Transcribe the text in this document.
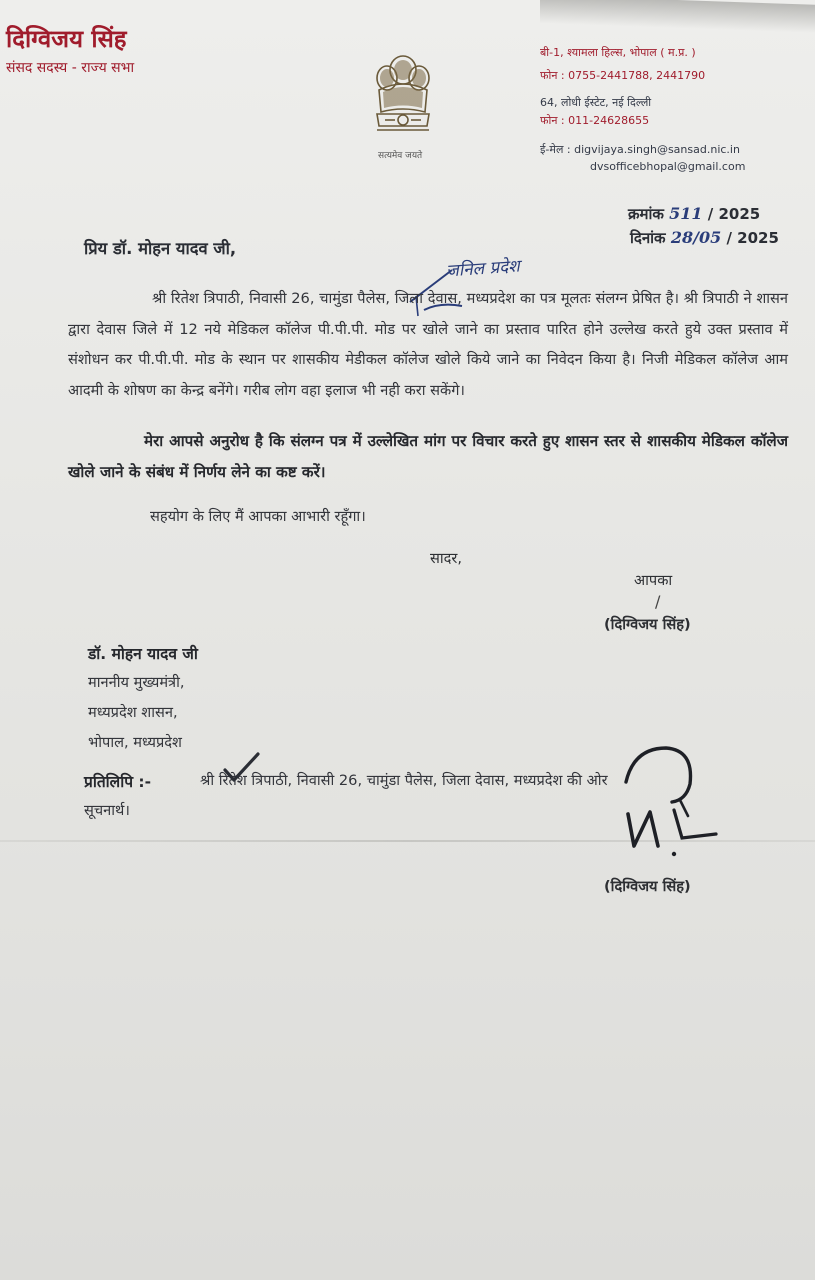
दिग्विजय सिंह
संसद सदस्य - राज्य सभा
सत्यमेव जयते
बी-1, श्यामला हिल्स, भोपाल ( म.प्र. )
फोन : 0755-2441788, 2441790
64, लोधी ईस्टेट, नई दिल्ली
फोन : 011-24628655
ई-मेल : digvijaya.singh@sansad.nic.in
dvsofficebhopal@gmail.com
क्रमांक 511 / 2025
दिनांक 28/05 / 2025
जनिल प्रदेश
प्रिय डॉ. मोहन यादव जी,
श्री रितेश त्रिपाठी, निवासी 26, चामुंडा पैलेस, जिला देवास, मध्यप्रदेश का पत्र मूलतः संलग्न प्रेषित है। श्री त्रिपाठी ने शासन द्वारा देवास जिले में 12 नये मेडिकल कॉलेज पी.पी.पी. मोड पर खोले जाने का प्रस्ताव पारित होने उल्लेख करते हुये उक्त प्रस्ताव में संशोधन कर पी.पी.पी. मोड के स्थान पर शासकीय मेडीकल कॉलेज खोले किये जाने का निवेदन किया है। निजी मेडिकल कॉलेज आम आदमी के शोषण का केन्द्र बनेंगे। गरीब लोग वहा इलाज भी नही करा सकेंगे।
मेरा आपसे अनुरोध है कि संलग्न पत्र में उल्लेखित मांग पर विचार करते हुए शासन स्तर से शासकीय मेडिकल कॉलेज खोले जाने के संबंध में निर्णय लेने का कष्ट करें।
सहयोग के लिए मैं आपका आभारी रहूँगा।
सादर,
आपका
/
(दिग्विजय सिंह)
डॉ. मोहन यादव जी
माननीय मुख्यमंत्री,
मध्यप्रदेश शासन,
भोपाल, मध्यप्रदेश
प्रतिलिपि :-	श्री रितेश त्रिपाठी, निवासी 26, चामुंडा पैलेस, जिला देवास, मध्यप्रदेश की ओर
सूचनार्थ।
(दिग्विजय सिंह)
